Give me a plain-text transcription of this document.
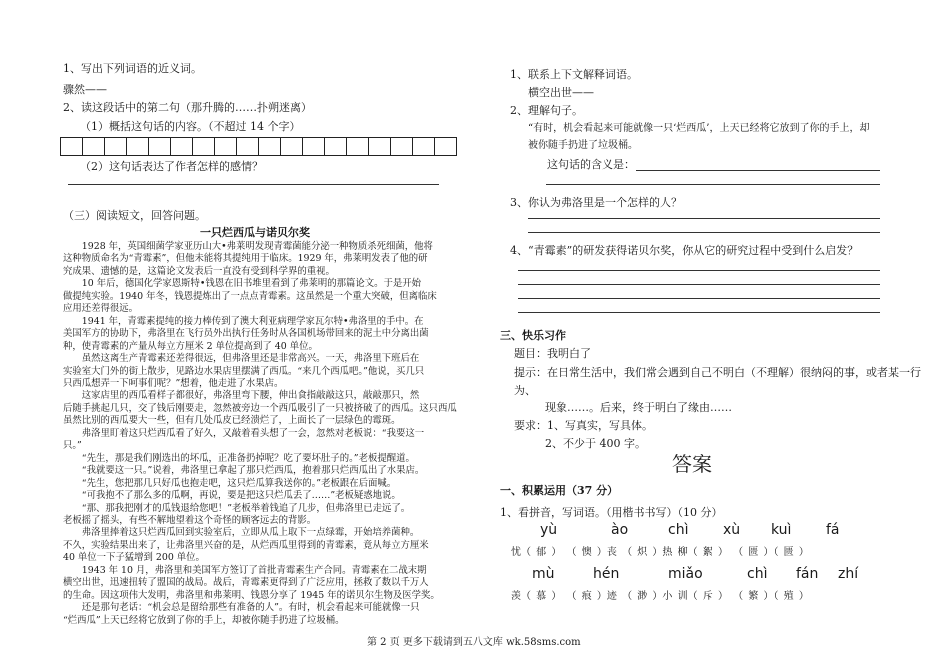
1、写出下列词语的近义词。
骤然——
2、读这段话中的第二句（那升腾的……扑朔迷离）
（1）概括这句话的内容。（不超过 14 个字）
（2）这句话表达了作者怎样的感情？
（三）阅读短文，回答问题。
一只烂西瓜与诺贝尔奖

1928 年，英国细菌学家亚历山大•弗莱明发现青霉菌能分泌一种物质杀死细菌，他将

这种物质命名为“青霉素”，但他未能将其提纯用于临床。1929 年，弗莱明发表了他的研

究成果、遗憾的是，这篇论文发表后一直没有受到科学界的重视。

10 年后，德国化学家恩斯特•钱恩在旧书堆里看到了弗莱明的那篇论文。于是开始

做提纯实验。1940 年冬，钱恩提炼出了一点点青霉素。这虽然是一个重大突破，但离临床

应用还差得很远。

1941 年，青霉素提纯的接力棒传到了澳大利亚病理学家瓦尔特•弗洛里的手中。在

美国军方的协助下，弗洛里在飞行员外出执行任务时从各国机场带回来的泥土中分离出菌

种，使青霉素的产量从每立方厘米 2 单位提高到了 40 单位。

虽然这离生产青霉素还差得很远，但弗洛里还是非常高兴。一天，弗洛里下班后在

实验室大门外的街上散步，见路边水果店里摆满了西瓜。“来几个西瓜吧。”他说，买几只

只西瓜想弄一下呵事们呢？”想着，他走进了水果店。

这家店里的西瓜看样子都很好，弗洛里弯下腰，伸出食指敲敲这只，敲敲那只，然

后随手挑起几只，交了钱后刚要走，忽然被旁边一个西瓜吸引了一只被挤破了的西瓜。这只西瓜

虽然比别的西瓜要大一些，但有几处瓜皮已经溃烂了，上面长了一层绿色的霉斑。

弗洛里盯着这只烂西瓜看了好久，又敲着看头想了一会，忽然对老板说：“我要这一

只。”

“先生，那是我们刚选出的坏瓜，正准备扔掉呢？吃了要坏肚子的。”老板提醒道。

“我就要这一只。”说着，弗洛里已拿起了那只烂西瓜，抱着那只烂西瓜出了水果店。

“先生，您把那几只好瓜也抱走吧，这只烂瓜算我送你的。”老板跟在后面喊。

“可我抱不了那么多的瓜啊，再说，要是把这只烂瓜丢了……”老板疑惑地说。

“那、那我把刚才的瓜钱退给您吧！”老板举着钱追了几步，但弗洛里已走远了。

老板摇了摇头，有些不解地望着这个奇怪的顾客远去的背影。

弗洛里捧着这只烂西瓜回到实验室后，立即从瓜上取下一点绿霉，开始培养菌种。

不久，实验结果出来了，让弗洛里兴奋的是，从烂西瓜里得到的青霉素，竟从每立方厘米

40 单位一下子猛增到 200 单位。

1943 年 10 月，弗洛里和美国军方签订了首批青霉素生产合同。青霉素在二战末期

横空出世，迅速扭转了盟国的战局。战后，青霉素更得到了广泛应用，拯救了数以千万人

的生命。因这项伟大发明，弗洛里和弗莱明、钱恩分享了 1945 年的诺贝尔生物及医学奖。

还是那句老话：“机会总是留给那些有准备的人”。有时，机会看起来可能就像一只

“烂西瓜”上天已经将它放到了你的手上，却被你随手扔进了垃圾桶。

1、联系上下文解释词语。
横空出世——
2、理解句子。
“有时，机会看起来可能就像一只‘烂西瓜’，上天已经将它放到了你的手上，却
被你随手扔进了垃圾桶。
这句话的含义是：
3、你认为弗洛里是一个怎样的人？
4、“青霉素”的研发获得诺贝尔奖，你从它的研究过程中受到什么启发？
三、快乐习作
题目：我明白了
提示：在日常生活中，我们常会遇到自己不明白（不理解）很纳闷的事，或者某一行
为、
现象……。后来，终于明白了缘由……
要求：1、写真实，写具体。
2、不少于 400 字。
答案
一、积累运用（37 分）
1、看拼音，写词语。（用楷书书写）（10 分）
yù	ào	chì xù kuì fá
忧（ 郁 ） （ 懊 ）丧 （ 炽 ）热 柳（ 絮 ） （ 匮 ）（ 匮 ）
mù	hén	miǎo	chì fán zhí
羡（ 慕 ） （ 痕 ）迹 （ 渺 ）小 训（ 斥 ） （ 繁 ）（ 殖 ）
第 2 页 更多下载请到五八文库 wk.58sms.com
